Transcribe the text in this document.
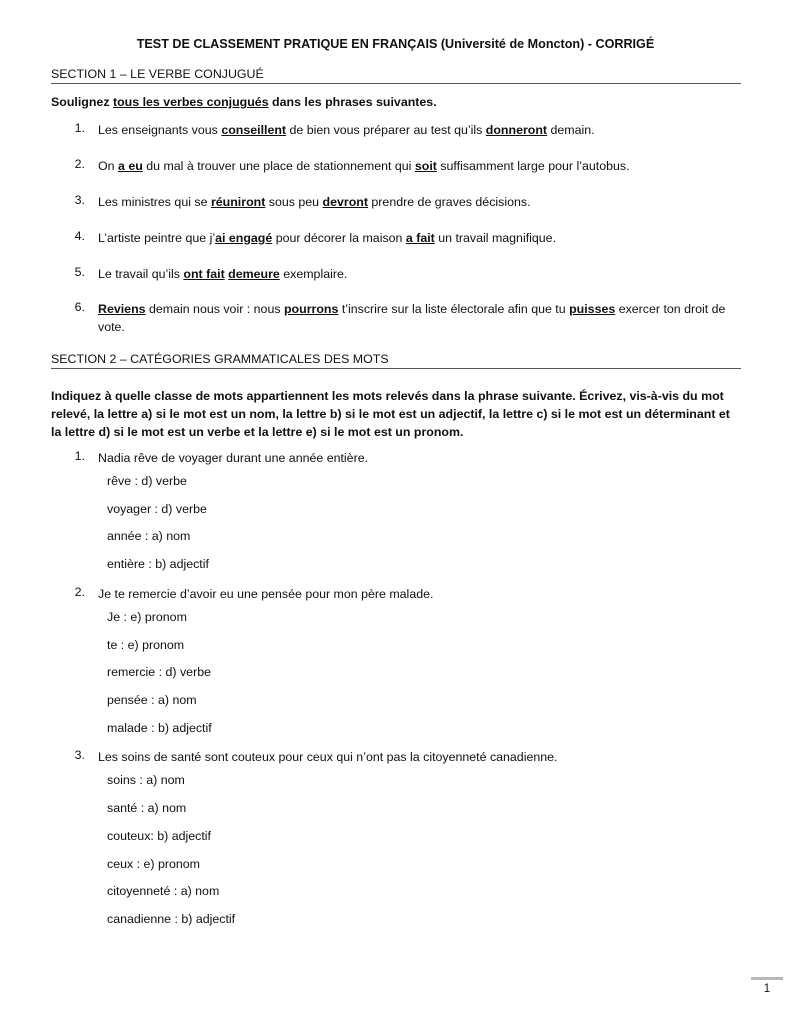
TEST DE CLASSEMENT PRATIQUE EN FRANÇAIS (Université de Moncton) - CORRIGÉ
SECTION 1 – LE VERBE CONJUGUÉ
Soulignez tous les verbes conjugués dans les phrases suivantes.
1. Les enseignants vous conseillent de bien vous préparer au test qu’ils donneront demain.
2. On a eu du mal à trouver une place de stationnement qui soit suffisamment large pour l’autobus.
3. Les ministres qui se réuniront sous peu devront prendre de graves décisions.
4. L’artiste peintre que j’ai engagé pour décorer la maison a fait un travail magnifique.
5. Le travail qu’ils ont fait demeure exemplaire.
6. Reviens demain nous voir : nous pourrons t’inscrire sur la liste électorale afin que tu puisses exercer ton droit de vote.
SECTION 2 – CATÉGORIES GRAMMATICALES DES MOTS
Indiquez à quelle classe de mots appartiennent les mots relevés dans la phrase suivante. Écrivez, vis-à-vis du mot relevé, la lettre a) si le mot est un nom, la lettre b) si le mot est un adjectif, la lettre c) si le mot est un déterminant et la lettre d) si le mot est un verbe et la lettre e) si le mot est un pronom.
1. Nadia rêve de voyager durant une année entière.
rêve : d) verbe
voyager : d) verbe
année : a) nom
entière : b) adjectif
2. Je te remercie d’avoir eu une pensée pour mon père malade.
Je : e) pronom
te : e) pronom
remercie : d) verbe
pensée : a) nom
malade : b) adjectif
3. Les soins de santé sont couteux pour ceux qui n’ont pas la citoyenneté canadienne.
soins : a) nom
santé : a) nom
couteux: b) adjectif
ceux : e) pronom
citoyenneté : a) nom
canadienne : b) adjectif
1
